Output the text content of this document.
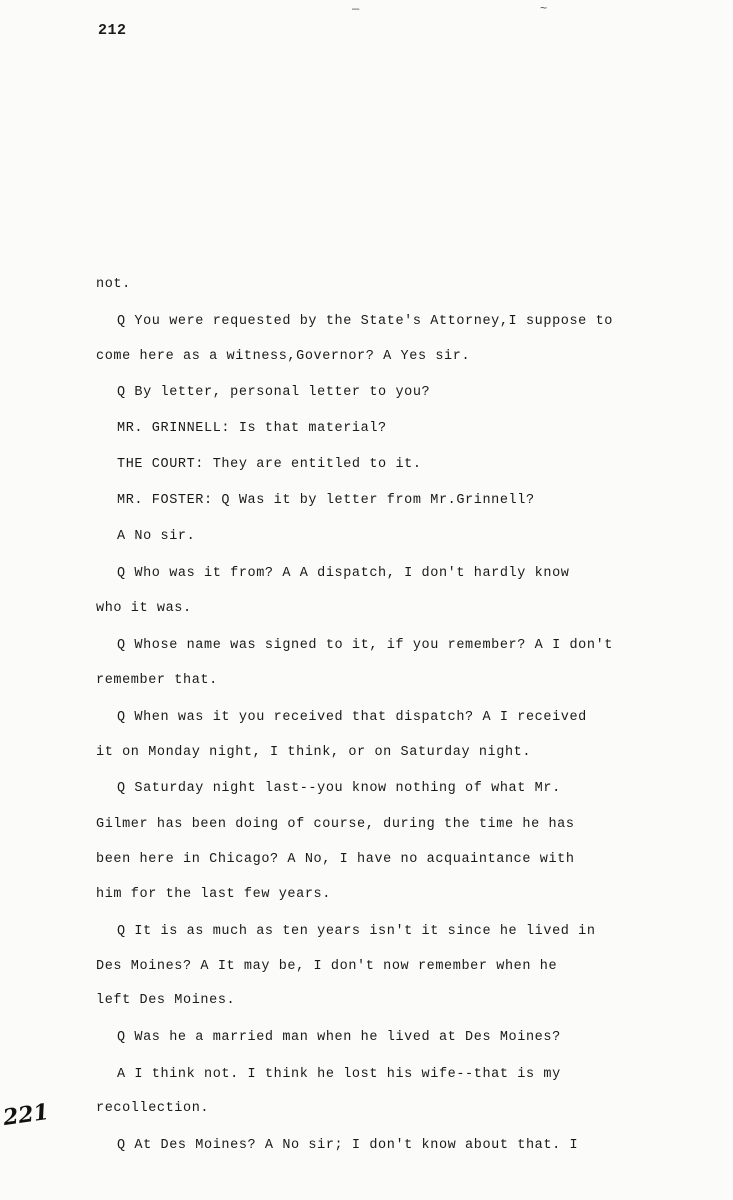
—	~
212
not.
Q You were requested by the State's Attorney,I suppose to
come here as a witness,Governor? A Yes sir.
Q By letter, personal letter to you?
MR. GRINNELL: Is that material?
THE COURT: They are entitled to it.
MR. FOSTER: Q Was it by letter from Mr.Grinnell?
A No sir.
Q Who was it from? A A dispatch, I don't hardly know
who it was.
Q Whose name was signed to it, if you remember? A I don't
remember that.
Q When was it you received that dispatch? A I received
it on Monday night, I think, or on Saturday night.
Q Saturday night last--you know nothing of what Mr.
Gilmer has been doing of course, during the time he has
been here in Chicago? A No, I have no acquaintance with
him for the last few years.
Q It is as much as ten years isn't it since he lived in
Des Moines? A It may be, I don't now remember when he
left Des Moines.
Q Was he a married man when he lived at Des Moines?
A I think not. I think he lost his wife--that is my
recollection.
Q At Des Moines? A No sir; I don't know about that. I
221
